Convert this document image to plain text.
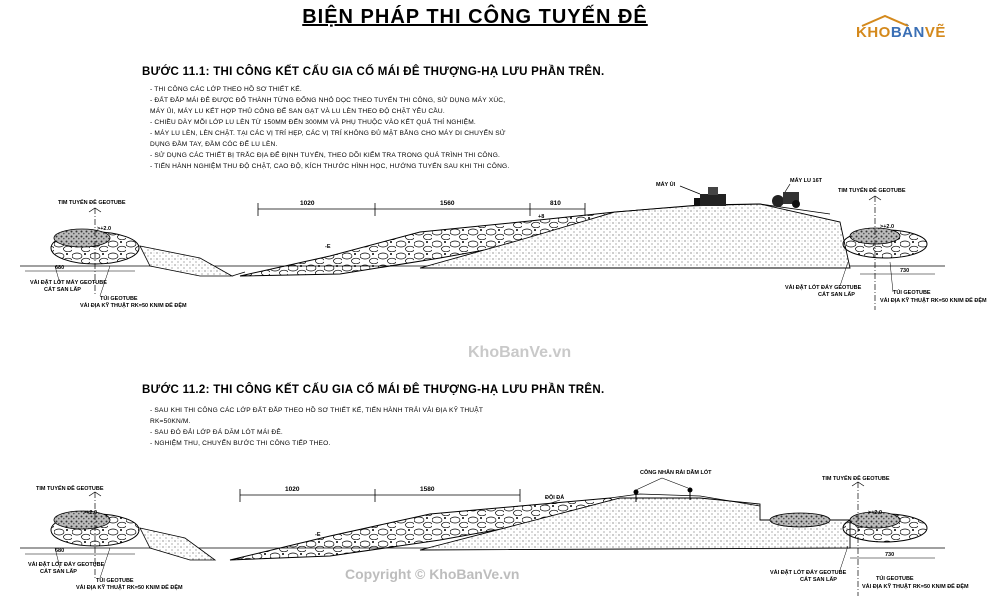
BIỆN PHÁP THI CÔNG TUYẾN ĐÊ
KHOBÀNVẼ
BƯỚC 11.1: THI CÔNG KẾT CẤU GIA CỐ MÁI ĐÊ THƯỢNG-HẠ LƯU PHẦN TRÊN.
- THI CÔNG CÁC LỚP THEO HỒ SƠ THIẾT KẾ.
- ĐẤT ĐẮP MÁI ĐÊ ĐƯỢC ĐỔ THÀNH TỪNG ĐỐNG NHỎ DỌC THEO TUYẾN THI CÔNG, SỬ DỤNG MÁY XÚC,
MÁY ỦI, MÁY LU KẾT HỢP THỦ CÔNG ĐỂ SAN GẠT VÀ LU LÈN THEO ĐỘ CHẶT YÊU CẦU.
- CHIỀU DÀY MỖI LỚP LU LÈN TỪ 150MM ĐẾN 300MM VÀ PHỤ THUỘC VÀO KẾT QUẢ THÍ NGHIỆM.
- MÁY LU LÈN, LÈN CHẶT. TẠI CÁC VỊ TRÍ HẸP, CÁC VỊ TRÍ KHÔNG ĐỦ MẶT BẰNG CHO MÁY DI CHUYỂN SỬ
DỤNG ĐẦM TAY, ĐẦM CÓC ĐỂ LU LÈN.
- SỬ DỤNG CÁC THIẾT BỊ TRẮC ĐỊA ĐỂ ĐỊNH TUYẾN, THEO DÕI KIỂM TRA TRONG QUÁ TRÌNH THI CÔNG.
- TIẾN HÀNH NGHIỆM THU ĐỘ CHẶT, CAO ĐỘ, KÍCH THƯỚC HÌNH HỌC, HƯỚNG TUYẾN SAU KHI THI CÔNG.
1020	1560	810
TIM TUYẾN ĐÊ GEOTUBE
TIM TUYẾN ĐÊ GEOTUBE
>+2.0	>+2.0
MÁY ỦI
MÁY LU 16T
+8
-E
680	730
VẢI ĐẬT LÓT MÁY GEOTUBE
CÁT SAN LẤP
TÚI GEOTUBE
VẢI ĐỊA KỸ THUẬT RK=50 KN/M ĐẾ ĐỆM
VẢI ĐẬT LÓT ĐÁY GEOTUBE
CÁT SAN LẤP	TÚI GEOTUBE
VẢI ĐỊA KỸ THUẬT RK=50 KN/M ĐẾ ĐỆM
KhoBanVe.vn
BƯỚC 11.2: THI CÔNG KẾT CẤU GIA CỐ MÁI ĐÊ THƯỢNG-HẠ LƯU PHẦN TRÊN.
- SAU KHI THI CÔNG CÁC LỚP ĐẤT ĐẮP THEO HỒ SƠ THIẾT KẾ, TIẾN HÀNH TRẢI VẢI ĐỊA KỸ THUẬT
RK=50KN/M.
- SAU ĐÓ ĐẢI LỚP ĐÁ DĂM LÓT MÁI ĐÊ.
- NGHIỆM THU, CHUYỂN BƯỚC THI CÔNG TIẾP THEO.
1020	1580
TIM TUYẾN ĐÊ GEOTUBE
TIM TUYẾN ĐÊ GEOTUBE
>+2.0	>+2.0
CÔNG NHÂN RẢI DĂM LÓT
ĐỘI ĐÁ
-E
680
730
VẢI ĐẬT LÓT ĐÁY GEOTUBE
CÁT SAN LẤP
TÚI GEOTUBE
VẢI ĐỊA KỸ THUẬT RK=50 KN/M ĐẾ ĐỆM
VẢI ĐẬT LÓT ĐÁY GEOTUBE
CÁT SAN LẤP	TÚI GEOTUBE
VẢI ĐỊA KỸ THUẬT RK=50 KN/M ĐẾ ĐỆM
Copyright © KhoBanVe.vn
